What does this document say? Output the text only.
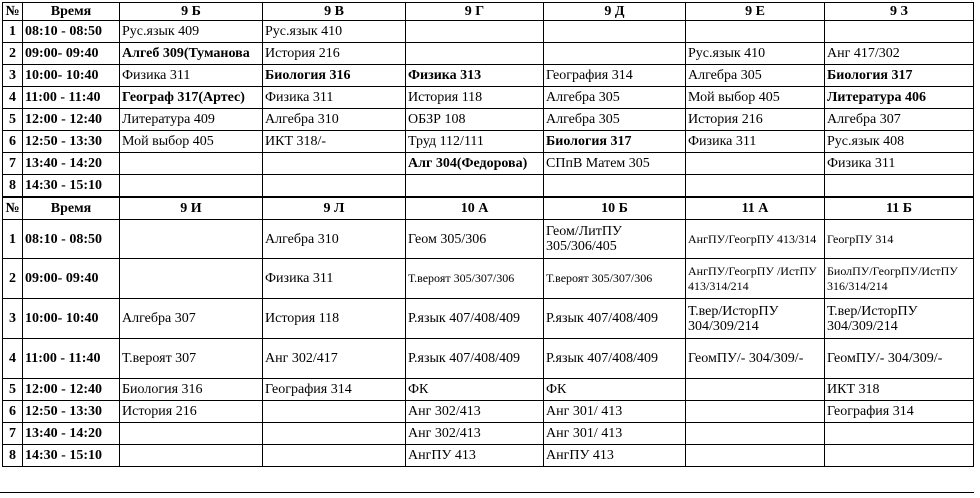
№	Время	9 Б	9 В	9 Г	9 Д	9 Е	9 З
1	08:10 - 08:50	Рус.язык 409	Рус.язык 410				
2	09:00- 09:40	Алгеб 309(Туманова	История 216			Рус.язык 410	Анг 417/302
3	10:00- 10:40	Физика 311	Биология 316	Физика 313	География 314	Алгебра 305	Биология 317
4	11:00 - 11:40	Географ 317(Артес)	Физика 311	История 118	Алгебра 305	Мой выбор 405	Литература 406
5	12:00 - 12:40	Литература 409	Алгебра 310	ОБЗР 108	Алгебра 305	История 216	Алгебра 307
6	12:50 - 13:30	Мой выбор 405	ИКТ 318/-	Труд 112/111	Биология 317	Физика 311	Рус.язык 408
7	13:40 - 14:20			Алг 304(Федорова)	СПпВ Матем 305		Физика 311
8	14:30 - 15:10						
№	Время	9 И	9 Л	10 А	10 Б	11 А	11 Б
1	08:10 - 08:50		Алгебра 310	Геом 305/306	Геом/ЛитПУ 305/306/405	АнгПУ/ГеогрПУ 413/314	ГеогрПУ 314
2	09:00- 09:40		Физика 311	Т.вероят 305/307/306	Т.вероят 305/307/306	АнгПУ/ГеогрПУ /ИстПУ 413/314/214	БиолПУ/ГеогрПУ/ИстПУ 316/314/214
3	10:00- 10:40	Алгебра 307	История 118	Р.язык 407/408/409	Р.язык 407/408/409	Т.вер/ИсторПУ 304/309/214	Т.вер/ИсторПУ 304/309/214
4	11:00 - 11:40	Т.вероят 307	Анг 302/417	Р.язык 407/408/409	Р.язык 407/408/409	ГеомПУ/- 304/309/-	ГеомПУ/- 304/309/-
5	12:00 - 12:40	Биология 316	География 314	ФК	ФК		ИКТ 318
6	12:50 - 13:30	История 216		Анг 302/413	Анг 301/ 413		География 314
7	13:40 - 14:20			Анг 302/413	Анг 301/ 413		
8	14:30 - 15:10			АнгПУ 413	АнгПУ 413		
